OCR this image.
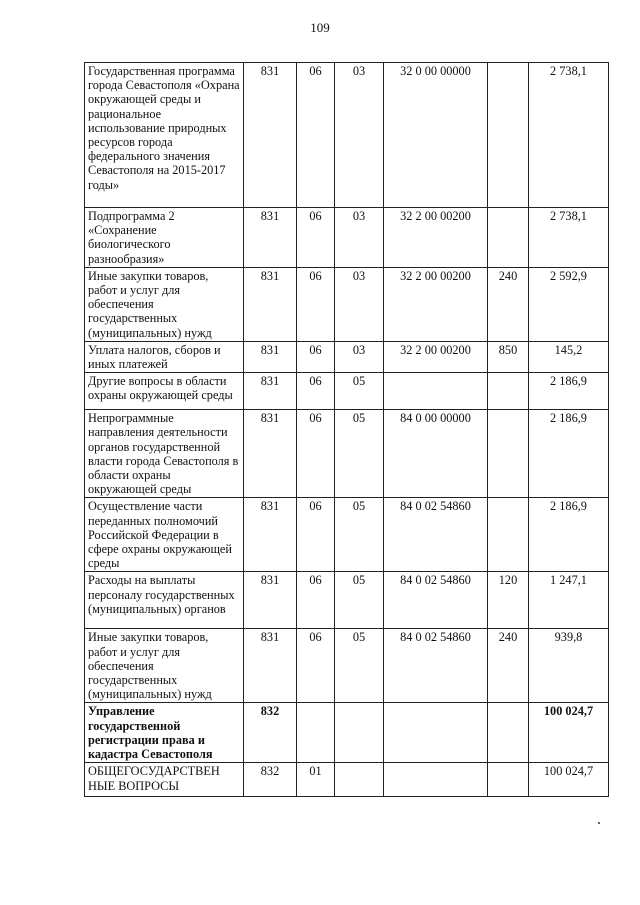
109
Государственная программа города Севастополя «Охрана окружающей среды и рациональное использование природных ресурсов города федерального значения Севастополя на 2015-2017 годы»	831	06	03	32 0 00 00000		2 738,1
Подпрограмма 2 «Сохранение биологического разнообразия»	831	06	03	32 2 00 00200		2 738,1
Иные закупки товаров, работ и услуг для обеспечения государственных (муниципальных) нужд	831	06	03	32 2 00 00200	240	2 592,9
Уплата налогов, сборов и иных платежей	831	06	03	32 2 00 00200	850	145,2
Другие вопросы в области охраны окружающей среды	831	06	05			2 186,9
Непрограммные направления деятельности органов государственной власти города Севастополя в области охраны окружающей среды	831	06	05	84 0 00 00000		2 186,9
Осуществление части переданных полномочий Российской Федерации в сфере охраны окружающей среды	831	06	05	84 0 02 54860		2 186,9
Расходы на выплаты персоналу государственных (муниципальных) органов	831	06	05	84 0 02 54860	120	1 247,1
Иные закупки товаров, работ и услуг для обеспечения государственных (муниципальных) нужд	831	06	05	84 0 02 54860	240	939,8
Управление государственной регистрации права и кадастра Севастополя	832					100 024,7
ОБЩЕГОСУДАРСТВЕН НЫЕ ВОПРОСЫ	832	01				100 024,7
